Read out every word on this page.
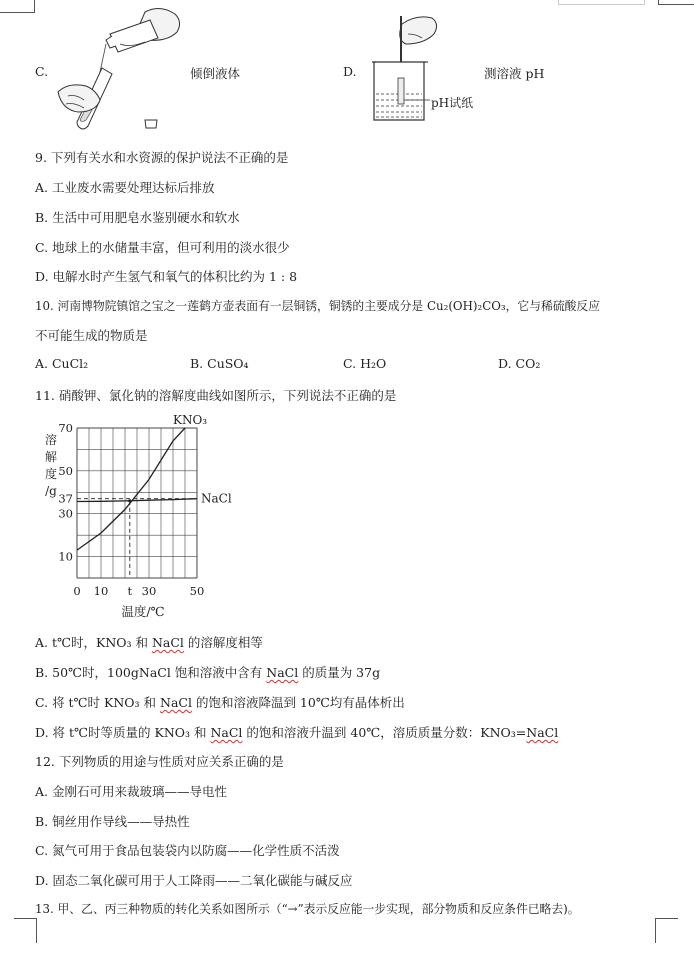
C.	倾倒液体	D.
pH试纸
测溶液 pH
9. 下列有关水和水资源的保护说法不正确的是
A. 工业废水需要处理达标后排放
B. 生活中可用肥皂水鉴别硬水和软水
C. 地球上的水储量丰富，但可利用的淡水很少
D. 电解水时产生氢气和氧气的体积比约为 1 : 8
10. 河南博物院镇馆之宝之一莲鹤方壶表面有一层铜锈，铜锈的主要成分是 Cu₂(OH)₂CO₃，它与稀硫酸反应
不可能生成的物质是
A. CuCl₂	B. CuSO₄	C. H₂O	D. CO₂
11. 硝酸钾、氯化钠的溶解度曲线如图所示，下列说法不正确的是
KNO₃
NaCl
10
30
37
50
70
0 10 t 30	50
溶
解
度
/g
温度/℃
A. t℃时，KNO₃ 和 NaCl 的溶解度相等
B. 50℃时，100gNaCl 饱和溶液中含有 NaCl 的质量为 37g
C. 将 t℃时 KNO₃ 和 NaCl 的饱和溶液降温到 10℃均有晶体析出
D. 将 t℃时等质量的 KNO₃ 和 NaCl 的饱和溶液升温到 40℃，溶质质量分数：KNO₃=NaCl
12. 下列物质的用途与性质对应关系正确的是
A. 金刚石可用来裁玻璃——导电性
B. 铜丝用作导线——导热性
C. 氮气可用于食品包装袋内以防腐——化学性质不活泼
D. 固态二氧化碳可用于人工降雨——二氧化碳能与碱反应
13. 甲、乙、丙三种物质的转化关系如图所示（“→”表示反应能一步实现，部分物质和反应条件已略去)。
